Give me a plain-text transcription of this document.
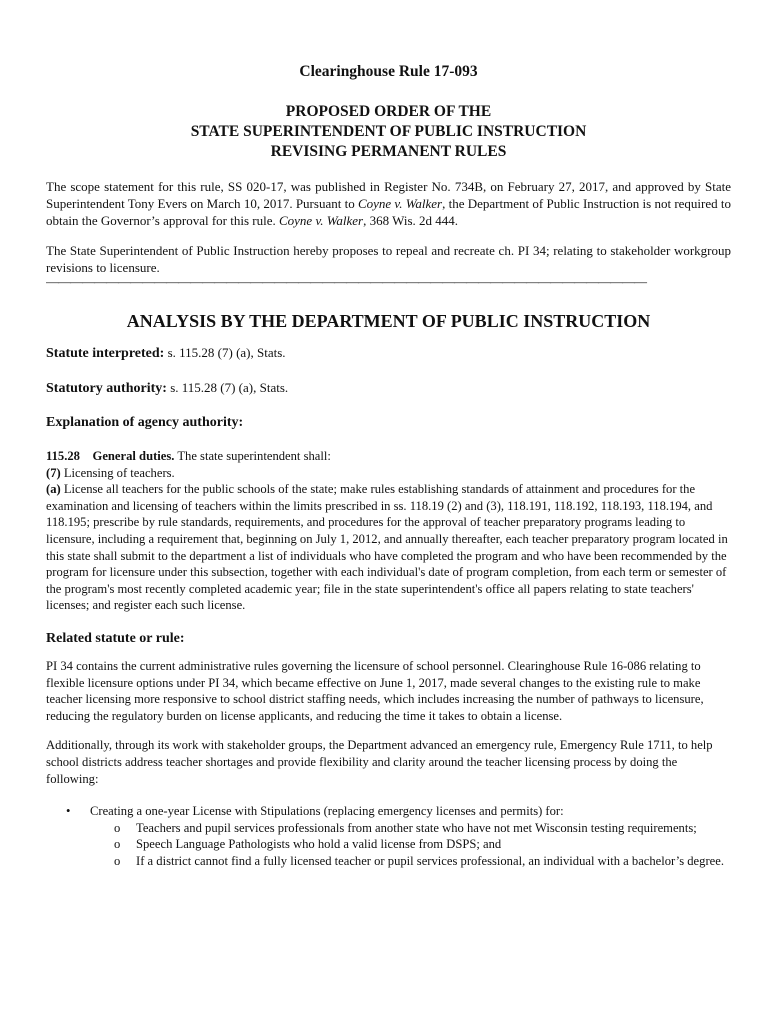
Clearinghouse Rule 17-093
PROPOSED ORDER OF THE
STATE SUPERINTENDENT OF PUBLIC INSTRUCTION
REVISING PERMANENT RULES

The scope statement for this rule, SS 020-17, was published in Register No. 734B, on February 27, 2017, and approved by State Superintendent Tony Evers on March 10, 2017. Pursuant to Coyne v. Walker, the Department of Public Instruction is not required to obtain the Governor’s approval for this rule. Coyne v. Walker, 368 Wis. 2d 444.

The State Superintendent of Public Instruction hereby proposes to repeal and recreate ch. PI 34; relating to stakeholder workgroup revisions to licensure.

——————————————————————————————————————————————————
ANALYSIS BY THE DEPARTMENT OF PUBLIC INSTRUCTION
Statute interpreted: s. 115.28 (7) (a), Stats.
Statutory authority: s. 115.28 (7) (a), Stats.
Explanation of agency authority:
115.28 General duties. The state superintendent shall:
(7) Licensing of teachers.
(a) License all teachers for the public schools of the state; make rules establishing standards of attainment and procedures for the examination and licensing of teachers within the limits prescribed in ss. 118.19 (2) and (3), 118.191, 118.192, 118.193, 118.194, and 118.195; prescribe by rule standards, requirements, and procedures for the approval of teacher preparatory programs leading to licensure, including a requirement that, beginning on July 1, 2012, and annually thereafter, each teacher preparatory program located in this state shall submit to the department a list of individuals who have completed the program and who have been recommended by the program for licensure under this subsection, together with each individual's date of program completion, from each term or semester of the program's most recently completed academic year; file in the state superintendent's office all papers relating to state teachers' licenses; and register each such license.
Related statute or rule:

PI 34 contains the current administrative rules governing the licensure of school personnel. Clearinghouse Rule 16-086 relating to flexible licensure options under PI 34, which became effective on June 1, 2017, made several changes to the existing rule to make teacher licensing more responsive to school district staffing needs, which includes increasing the number of pathways to licensure, reducing the regulatory burden on license applicants, and reducing the time it takes to obtain a license.

Additionally, through its work with stakeholder groups, the Department advanced an emergency rule, Emergency Rule 1711, to help school districts address teacher shortages and provide flexibility and clarity around the teacher licensing process by doing the following:

• Creating a one-year License with Stipulations (replacing emergency licenses and permits) for:
o Teachers and pupil services professionals from another state who have not met Wisconsin testing requirements;
o Speech Language Pathologists who hold a valid license from DSPS; and
o If a district cannot find a fully licensed teacher or pupil services professional, an individual with a bachelor’s degree.
